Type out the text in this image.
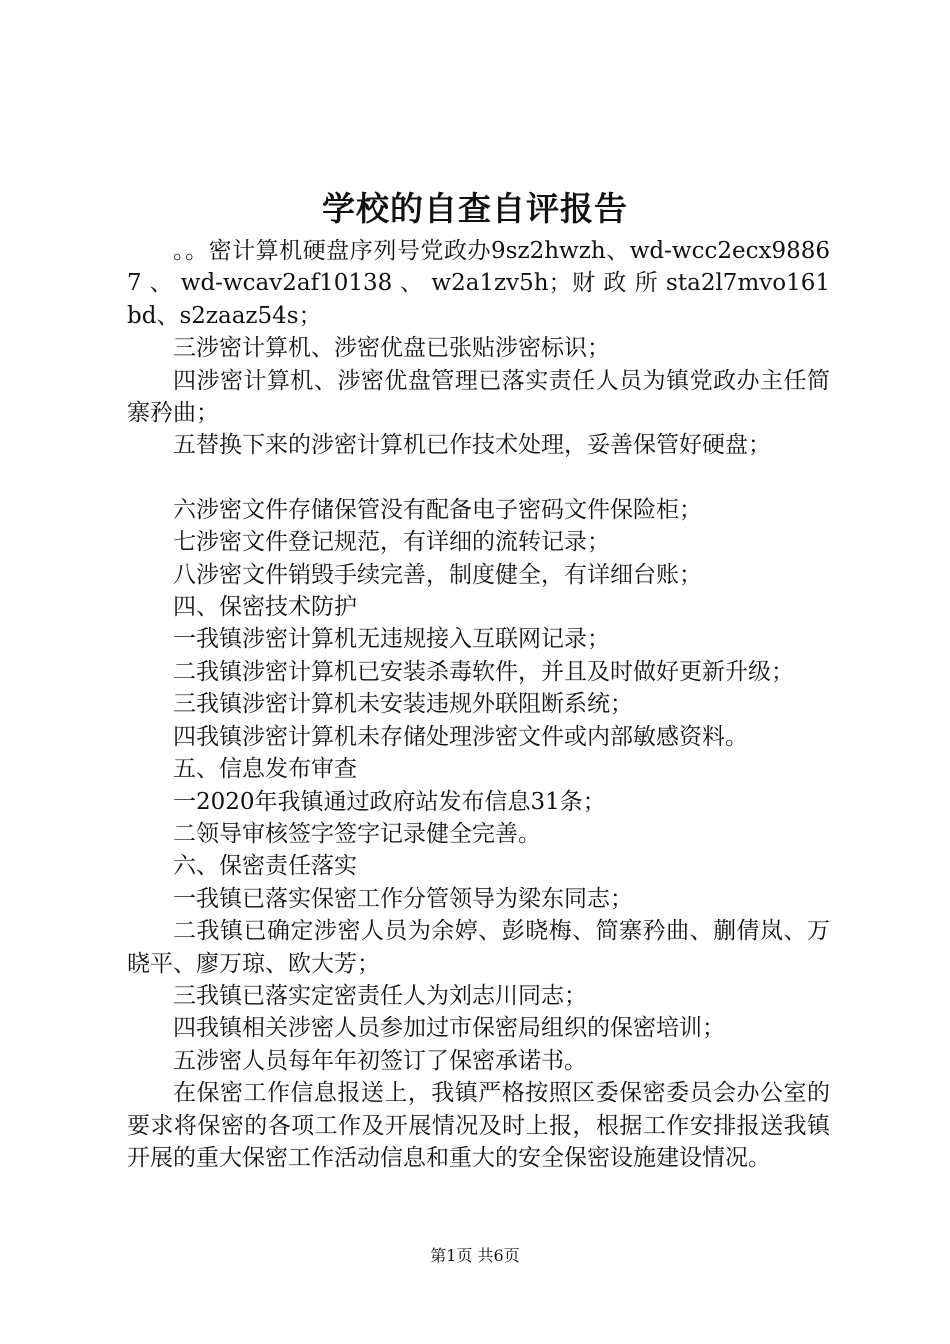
学校的自查自评报告

。。密计算机硬盘序列号党政办9sz2hwzh、wd-wcc2ecx98867 、 wd-wcav2af10138 、 w2a1zv5h；财 政 所 sta2l7mvo161bd、s2zaaz54s；

三涉密计算机、涉密优盘已张贴涉密标识；

四涉密计算机、涉密优盘管理已落实责任人员为镇党政办主任简寨矜曲；

五替换下来的涉密计算机已作技术处理，妥善保管好硬盘；

六涉密文件存储保管没有配备电子密码文件保险柜；

七涉密文件登记规范，有详细的流转记录；

八涉密文件销毁手续完善，制度健全，有详细台账；

四、保密技术防护

一我镇涉密计算机无违规接入互联网记录；

二我镇涉密计算机已安装杀毒软件，并且及时做好更新升级；

三我镇涉密计算机未安装违规外联阻断系统；

四我镇涉密计算机未存储处理涉密文件或内部敏感资料。

五、信息发布审查

一2020年我镇通过政府站发布信息31条；

二领导审核签字签字记录健全完善。

六、保密责任落实

一我镇已落实保密工作分管领导为梁东同志；

二我镇已确定涉密人员为余婷、彭晓梅、简寨矜曲、蒯倩岚、万晓平、廖万琼、欧大芳；

三我镇已落实定密责任人为刘志川同志；

四我镇相关涉密人员参加过市保密局组织的保密培训；

五涉密人员每年年初签订了保密承诺书。

在保密工作信息报送上，我镇严格按照区委保密委员会办公室的要求将保密的各项工作及开展情况及时上报，根据工作安排报送我镇开展的重大保密工作活动信息和重大的安全保密设施建设情况。

第1页 共6页
